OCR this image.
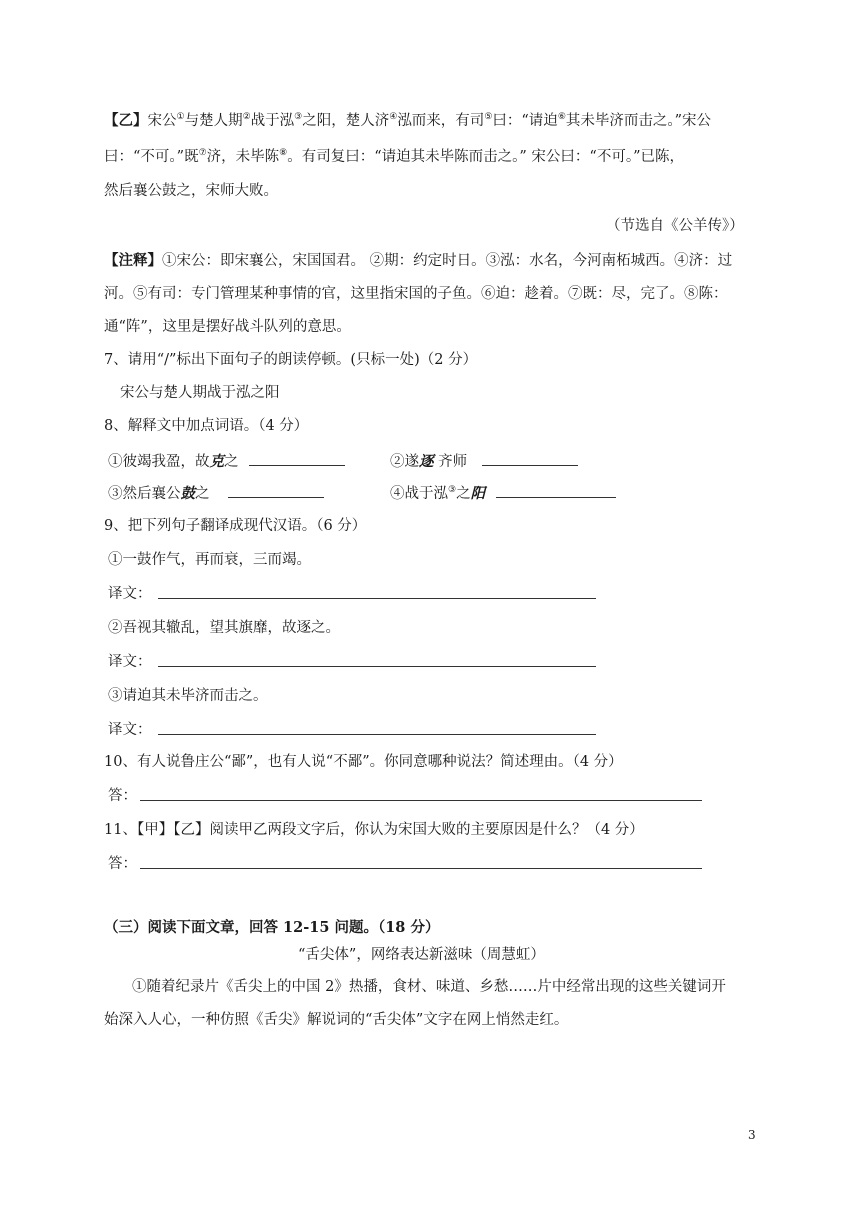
【乙】宋公①与楚人期②战于泓③之阳，楚人济④泓而来，有司⑤曰：“请迫⑥其未毕济而击之。”宋公
曰：“不可。”既⑦济，未毕陈⑧。有司复曰：“请迫其未毕陈而击之。” 宋公曰：“不可。”已陈，
然后襄公鼓之，宋师大败。
（节选自《公羊传》）
【注释】①宋公：即宋襄公，宋国国君。 ②期：约定时日。③泓：水名，今河南柘城西。④济：过
河。⑤有司：专门管理某种事情的官，这里指宋国的子鱼。⑥迫：趁着。⑦既：尽，完了。⑧陈：
通“阵”，这里是摆好战斗队列的意思。
7、请用“/”标出下面句子的朗读停顿。(只标一处)（2 分）
宋公与楚人期战于泓之阳
8、解释文中加点词语。（4 分）
①彼竭我盈，故克之	②遂逐 齐师
③然后襄公鼓之	④战于泓③之阳
9、把下列句子翻译成现代汉语。（6 分）
①一鼓作气，再而衰，三而竭。
译文：
②吾视其辙乱，望其旗靡，故逐之。
译文：
③请迫其未毕济而击之。
译文：
10、有人说鲁庄公“鄙”，也有人说“不鄙”。你同意哪种说法？简述理由。（4 分）
答：
11、【甲】【乙】阅读甲乙两段文字后，你认为宋国大败的主要原因是什么？（4 分）
答：
（三）阅读下面文章，回答 12-15 问题。（18 分）
“舌尖体”，网络表达新滋味（周慧虹）
①随着纪录片《舌尖上的中国 2》热播，食材、味道、乡愁……片中经常出现的这些关键词开
始深入人心，一种仿照《舌尖》解说词的“舌尖体”文字在网上悄然走红。
3
